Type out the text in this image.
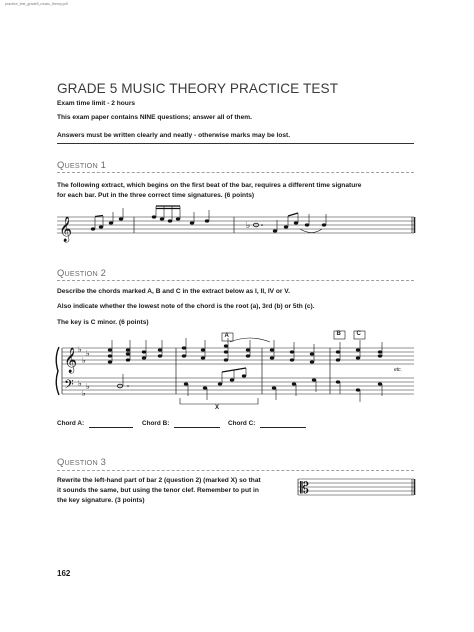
practice_test_grade5_music_theory.pdf
GRADE 5 MUSIC THEORY PRACTICE TEST
Exam time limit - 2 hours
This exam paper contains NINE questions; answer all of them.
Answers must be written clearly and neatly - otherwise marks may be lost.
QUESTION 1
The following extract, which begins on the first beat of the bar, requires a different time signature
for each bar. Put in the three correct time signatures. (6 points)
𝄞	♭
QUESTION 2
Describe the chords marked A, B and C in the extract below as I, II, IV or V.
Also indicate whether the lowest note of the chord is the root (a), 3rd (b) or 5th (c).
The key is C minor. (6 points)
𝄞
𝄢
♭
♭
♭
♭
♭
♭
A	B	C
X
etc.
Chord A:	Chord B:	Chord C:
QUESTION 3
Rewrite the left-hand part of bar 2 (question 2) (marked X) so that
it sounds the same, but using the tenor clef. Remember to put in
the key signature. (3 points)
𝄡
162
